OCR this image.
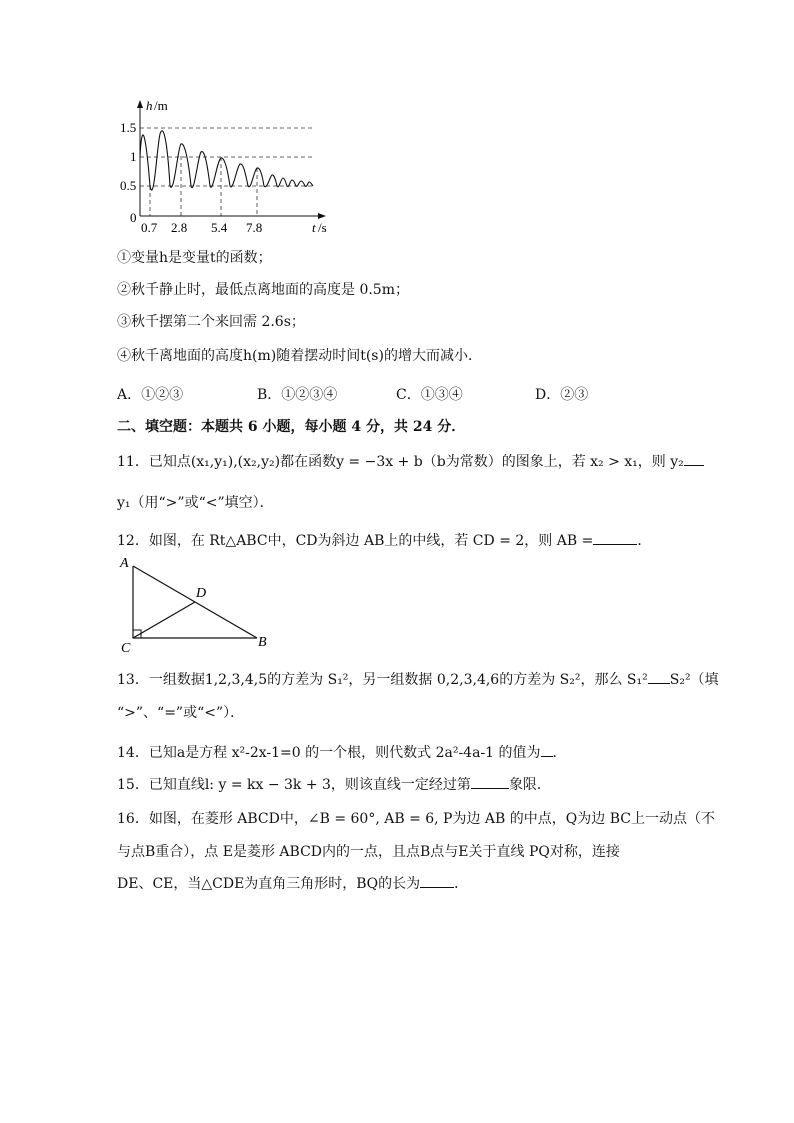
h /m
1.5
1
0.5
0
0.7 2.8 5.4 7.8	t /s
①变量h是变量t的函数；
②秋千静止时，最低点离地面的高度是 0.5m；
③秋千摆第二个来回需 2.6s；
④秋千离地面的高度h(m)随着摆动时间t(s)的增大而减小．
A．①②③	B．①②③④	C．①③④	D．②③
二、填空题：本题共 6 小题，每小题 4 分，共 24 分．
11．已知点(x₁,y₁),(x₂,y₂)都在函数y = −3x + b（b为常数）的图象上，若 x₂ > x₁，则 y₂
y₁（用“>”或“<”填空）．
12．如图，在 Rt△ABC中，CD为斜边 AB上的中线，若 CD = 2，则 AB =	．
A
D
C	B
13．一组数据1,2,3,4,5的方差为 S₁²，另一组数据 0,2,3,4,6的方差为 S₂²，那么 S₁² S₂²（填
“>”、“=”或“<”）．
14．已知a是方程 x²-2x-1=0 的一个根，则代数式 2a²-4a-1 的值为 ．
15．已知直线l: y = kx − 3k + 3，则该直线一定经过第	象限．
16．如图，在菱形 ABCD中，∠B = 60°, AB = 6, P为边 AB 的中点，Q为边 BC上一动点（不
与点B重合），点 E是菱形 ABCD内的一点，且点B点与E关于直线 PQ对称，连接
DE、CE，当△CDE为直角三角形时，BQ的长为 ．
